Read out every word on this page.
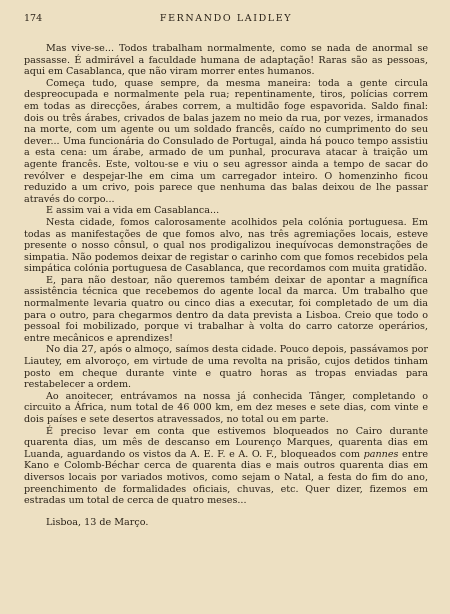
174	FERNANDO LAIDLEY

Mas vive-se... Todos trabalham normalmente, como se nada de anormal se passasse. É admirável a faculdade humana de adaptação! Raras são as pessoas, aqui em Casablanca, que não viram morrer entes humanos.

Começa tudo, quase sempre, da mesma maneira: toda a gente circula despreocupada e normalmente pela rua; repentinamente, tiros, polícias correm em todas as direcções, árabes correm, a multidão foge espavorida. Saldo final: dois ou três árabes, crivados de balas jazem no meio da rua, por vezes, irmanados na morte, com um agente ou um soldado francês, caído no cumprimento do seu dever... Uma funcionária do Consulado de Portugal, ainda há pouco tempo assistiu a esta cena: um árabe, armado de um punhal, procurava atacar à traição um agente francês. Este, voltou-se e viu o seu agressor ainda a tempo de sacar do revólver e despejar-lhe em cima um carregador inteiro. O homenzinho ficou reduzido a um crivo, pois parece que nenhuma das balas deixou de lhe passar através do corpo...

E assim vai a vida em Casablanca...

Nesta cidade, fomos calorosamente acolhidos pela colónia portuguesa. Em todas as manifestações de que fomos alvo, nas três agremiações locais, esteve presente o nosso cônsul, o qual nos prodigalizou inequívocas demonstrações de simpatia. Não podemos deixar de registar o carinho com que fomos recebidos pela simpática colónia portuguesa de Casablanca, que recordamos com muita gratidão.

E, para não destoar, não queremos também deixar de apontar a magnífica assistência técnica que recebemos do agente local da marca. Um trabalho que normalmente levaria quatro ou cinco dias a executar, foi completado de um dia para o outro, para chegarmos dentro da data prevista a Lisboa. Creio que todo o pessoal foi mobilizado, porque vi trabalhar à volta do carro catorze operários, entre mecânicos e aprendizes!

No dia 27, após o almoço, saímos desta cidade. Pouco depois, passávamos por Liautey, em alvoroço, em virtude de uma revolta na prisão, cujos detidos tinham posto em cheque durante vinte e quatro horas as tropas enviadas para restabelecer a ordem.

Ao anoitecer, entrávamos na nossa já conhecida Tânger, completando o circuito a África, num total de 46 000 km, em dez meses e sete dias, com vinte e dois países e sete desertos atravessados, no total ou em parte.

É preciso levar em conta que estivemos bloqueados no Cairo durante quarenta dias, um mês de descanso em Lourenço Marques, quarenta dias em Luanda, aguardando os vistos da A. E. F. e A. O. F., bloqueados com pannes entre Kano e Colomb-Béchar cerca de quarenta dias e mais outros quarenta dias em diversos locais por variados motivos, como sejam o Natal, a festa do fim do ano, preenchimento de formalidades oficiais, chuvas, etc. Quer dizer, fizemos em estradas um total de cerca de quatro meses...

Lisboa, 13 de Março.
